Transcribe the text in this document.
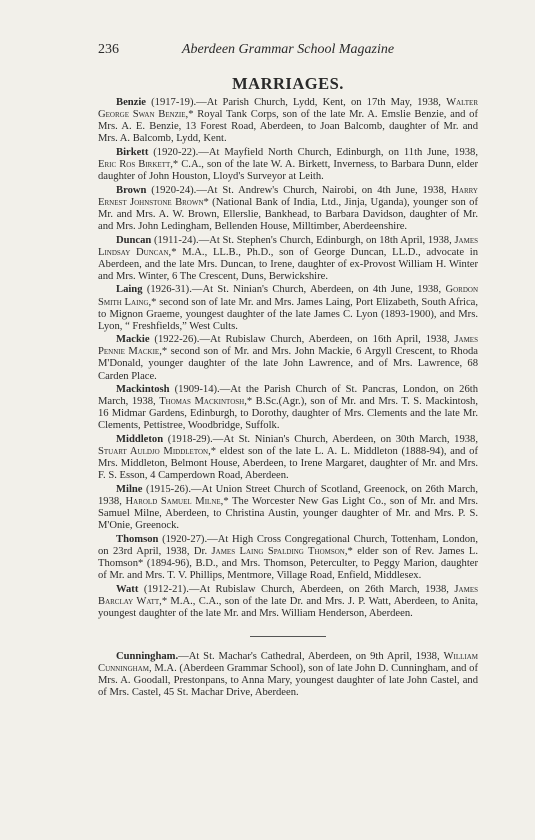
236	Aberdeen Grammar School Magazine
MARRIAGES.

Benzie (1917-19).—At Parish Church, Lydd, Kent, on 17th May, 1938, Walter George Swan Benzie,* Royal Tank Corps, son of the late Mr. A. Emslie Benzie, and of Mrs. A. E. Benzie, 13 Forest Road, Aberdeen, to Joan Balcomb, daughter of Mr. and Mrs. A. Balcomb, Lydd, Kent.

Birkett (1920-22).—At Mayfield North Church, Edinburgh, on 11th June, 1938, Eric Ros Birkett,* C.A., son of the late W. A. Birkett, Inverness, to Barbara Dunn, elder daughter of John Houston, Lloyd's Surveyor at Leith.

Brown (1920-24).—At St. Andrew's Church, Nairobi, on 4th June, 1938, Harry Ernest Johnstone Brown* (National Bank of India, Ltd., Jinja, Uganda), younger son of Mr. and Mrs. A. W. Brown, Ellerslie, Bankhead, to Barbara Davidson, daughter of Mr. and Mrs. John Ledingham, Bellenden House, Milltimber, Aberdeenshire.

Duncan (1911-24).—At St. Stephen's Church, Edinburgh, on 18th April, 1938, James Lindsay Duncan,* M.A., LL.B., Ph.D., son of George Duncan, LL.D., advocate in Aberdeen, and the late Mrs. Duncan, to Irene, daughter of ex-Provost William H. Winter and Mrs. Winter, 6 The Crescent, Duns, Berwickshire.

Laing (1926-31).—At St. Ninian's Church, Aberdeen, on 4th June, 1938, Gordon Smith Laing,* second son of late Mr. and Mrs. James Laing, Port Elizabeth, South Africa, to Mignon Graeme, youngest daughter of the late James C. Lyon (1893-1900), and Mrs. Lyon, “ Freshfields,” West Cults.

Mackie (1922-26).—At Rubislaw Church, Aberdeen, on 16th April, 1938, James Pennie Mackie,* second son of Mr. and Mrs. John Mackie, 6 Argyll Crescent, to Rhoda M'Donald, younger daughter of the late John Lawrence, and of Mrs. Lawrence, 68 Carden Place.

Mackintosh (1909-14).—At the Parish Church of St. Pancras, London, on 26th March, 1938, Thomas Mackintosh,* B.Sc.(Agr.), son of Mr. and Mrs. T. S. Mackintosh, 16 Midmar Gardens, Edinburgh, to Dorothy, daughter of Mrs. Clements and the late Mr. Clements, Pettistree, Woodbridge, Suffolk.

Middleton (1918-29).—At St. Ninian's Church, Aberdeen, on 30th March, 1938, Stuart Auldjo Middleton,* eldest son of the late L. A. L. Middleton (1888-94), and of Mrs. Middleton, Belmont House, Aberdeen, to Irene Margaret, daughter of Mr. and Mrs. F. S. Esson, 4 Camperdown Road, Aberdeen.

Milne (1915-26).—At Union Street Church of Scotland, Greenock, on 26th March, 1938, Harold Samuel Milne,* The Worcester New Gas Light Co., son of Mr. and Mrs. Samuel Milne, Aberdeen, to Christina Austin, younger daughter of Mr. and Mrs. P. S. M'Onie, Greenock.

Thomson (1920-27).—At High Cross Congregational Church, Tottenham, London, on 23rd April, 1938, Dr. James Laing Spalding Thomson,* elder son of Rev. James L. Thomson* (1894-96), B.D., and Mrs. Thomson, Peterculter, to Peggy Marion, daughter of Mr. and Mrs. T. V. Phillips, Mentmore, Village Road, Enfield, Middlesex.

Watt (1912-21).—At Rubislaw Church, Aberdeen, on 26th March, 1938, James Barclay Watt,* M.A., C.A., son of the late Dr. and Mrs. J. P. Watt, Aberdeen, to Anita, youngest daughter of the late Mr. and Mrs. William Henderson, Aberdeen.

Cunningham.—At St. Machar's Cathedral, Aberdeen, on 9th April, 1938, William Cunningham, M.A. (Aberdeen Grammar School), son of late John D. Cunningham, and of Mrs. A. Goodall, Prestonpans, to Anna Mary, youngest daughter of late John Castel, and of Mrs. Castel, 45 St. Machar Drive, Aberdeen.
